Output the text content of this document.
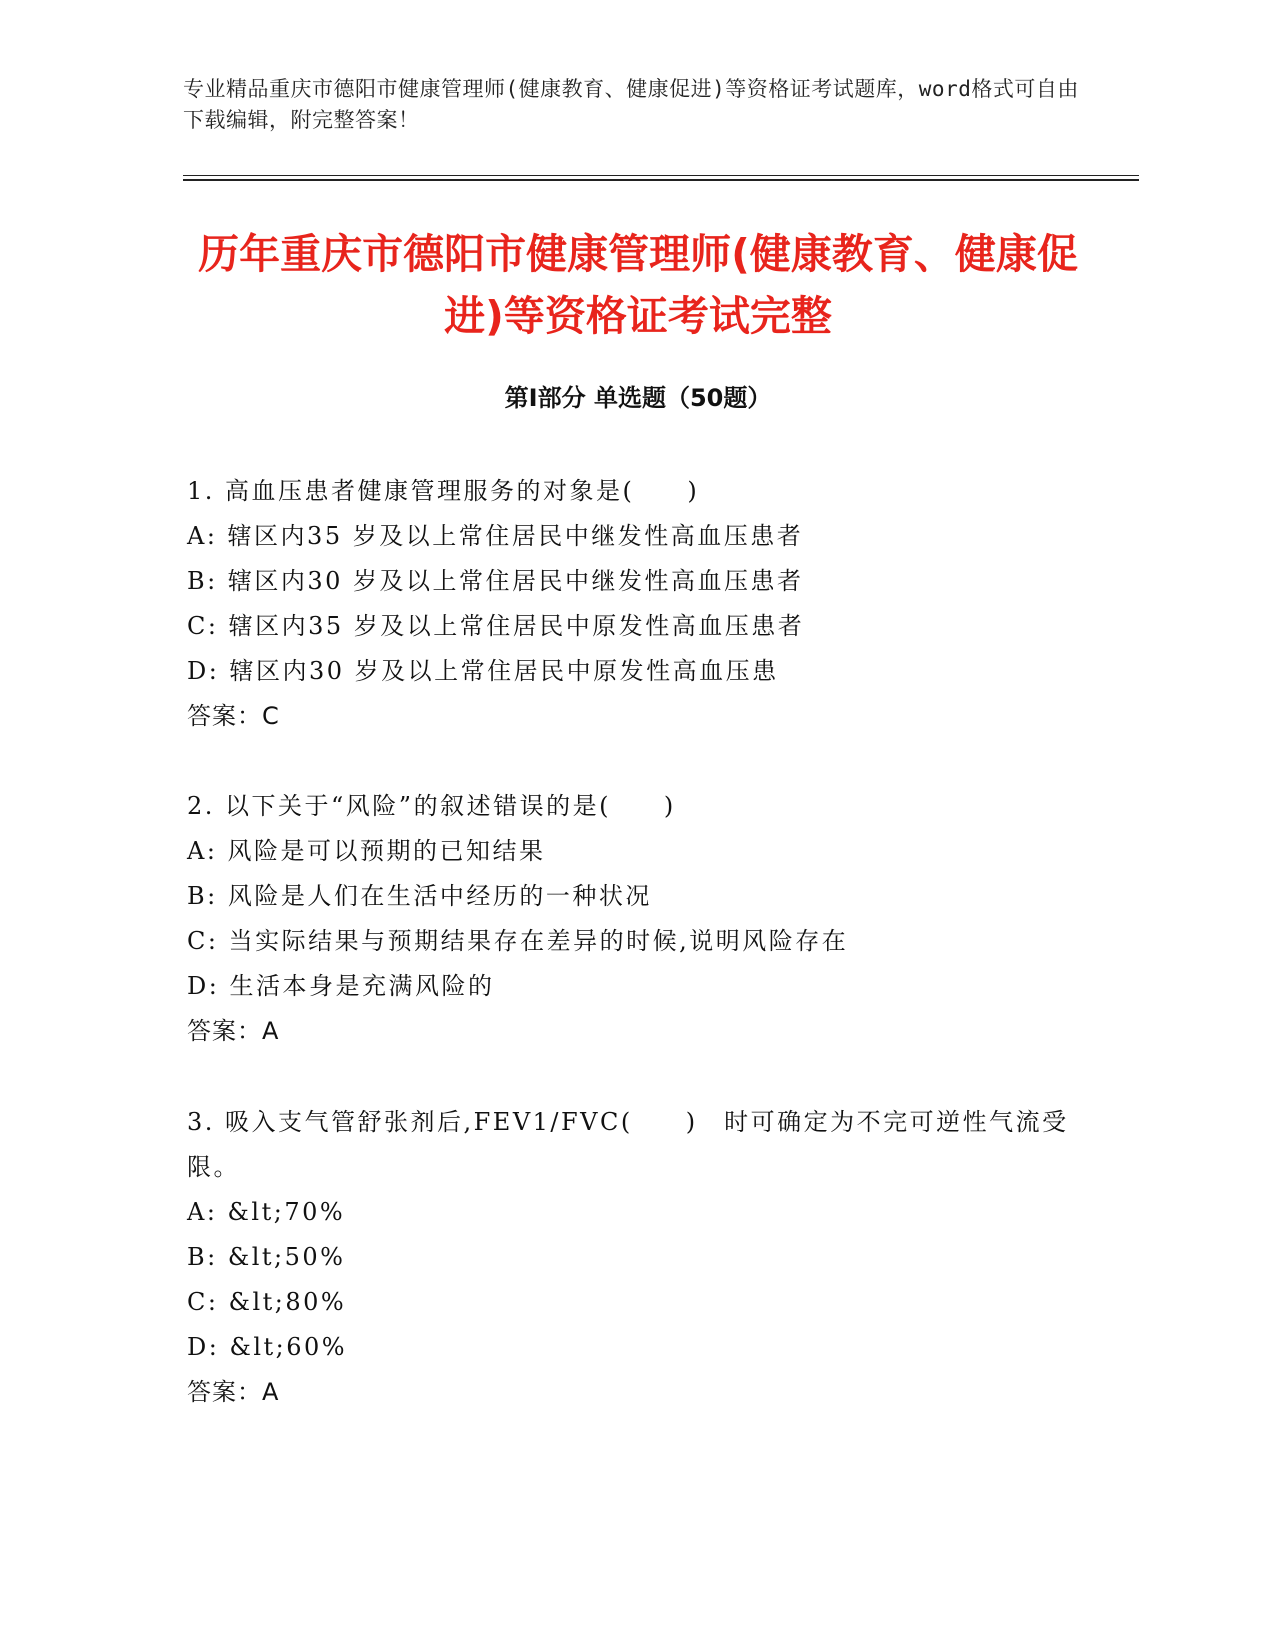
专业精品重庆市德阳市健康管理师(健康教育、健康促进)等资格证考试题库，word格式可自由下载编辑，附完整答案！
历年重庆市德阳市健康管理师(健康教育、健康促进)等资格证考试完整
第Ⅰ部分 单选题（50题）
1. 高血压患者健康管理服务的对象是(　　)
A: 辖区内35 岁及以上常住居民中继发性高血压患者
B: 辖区内30 岁及以上常住居民中继发性高血压患者
C: 辖区内35 岁及以上常住居民中原发性高血压患者
D: 辖区内30 岁及以上常住居民中原发性高血压患
答案：C
2. 以下关于“风险”的叙述错误的是(　　)
A: 风险是可以预期的已知结果
B: 风险是人们在生活中经历的一种状况
C: 当实际结果与预期结果存在差异的时候,说明风险存在
D: 生活本身是充满风险的
答案：A
3. 吸入支气管舒张剂后,FEV1/FVC(　　)　时可确定为不完可逆性气流受限。
A: &lt;70%
B: &lt;50%
C: &lt;80%
D: &lt;60%
答案：A
